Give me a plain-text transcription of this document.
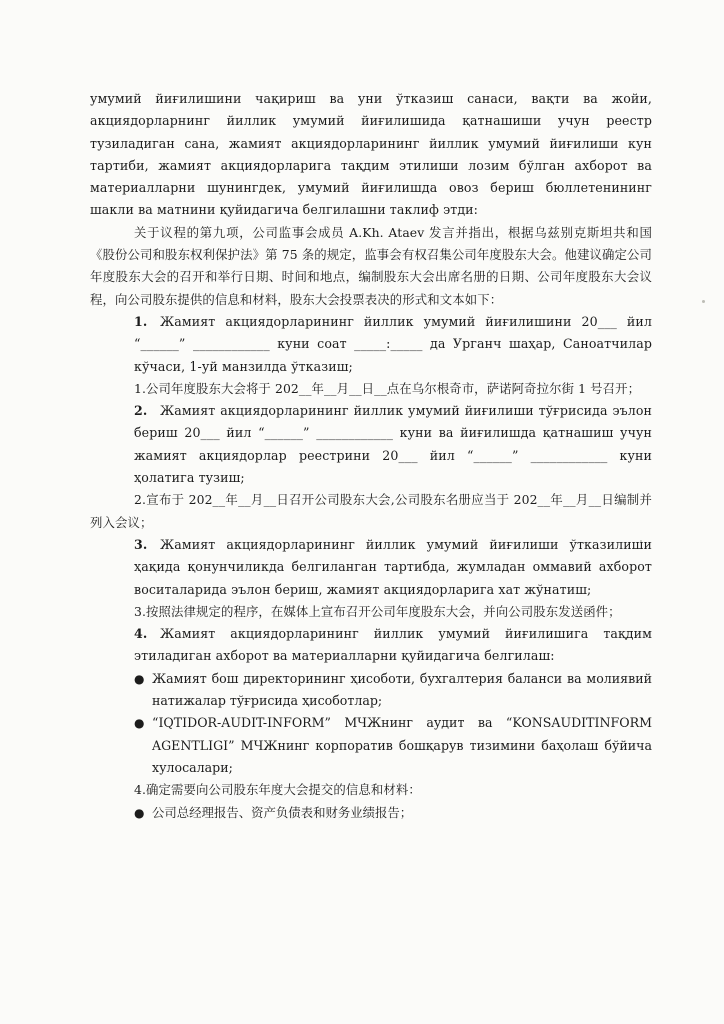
умумий йиғилишини чақириш ва уни ўтказиш санаси, вақти ва жойи, акциядорларнинг йиллик умумий йиғилишида қатнашиши учун реестр тузиладиган сана, жамият акциядорларининг йиллик умумий йиғилиши кун тартиби, жамият акциядорларига тақдим этилиши лозим бўлган ахборот ва материалларни шунингдек, умумий йиғилишда овоз бериш бюллетенининг шакли ва матнини қуйидагича белгилашни таклиф этди:

关于议程的第九项，公司监事会成员 A.Kh. Ataev 发言并指出，根据乌兹别克斯坦共和国《股份公司和股东权利保护法》第 75 条的规定，监事会有权召集公司年度股东大会。他建议确定公司年度股东大会的召开和举行日期、时间和地点，编制股东大会出席名册的日期、公司年度股东大会议程，向公司股东提供的信息和材料，股东大会投票表决的形式和文本如下：

1. Жамият акциядорларининг йиллик умумий йиғилишини 20___ йил “______” ____________ куни соат _____:_____ да Урганч шаҳар, Саноатчилар кўчаси, 1-уй манзилда ўтказиш;

1.公司年度股东大会将于 202__年__月__日__点在乌尔根奇市，萨诺阿奇拉尔街 1 号召开；

2. Жамият акциядорларининг йиллик умумий йиғилиши тўғрисида эълон бериш 20___ йил “______” ____________ куни ва йиғилишда қатнашиш учун жамият акциядорлар реестрини 20___ йил “______” ____________ куни ҳолатига тузиш;

2.宣布于 202__年__月__日召开公司股东大会,公司股东名册应当于 202__年__月__日编制并列入会议；

3. Жамият акциядорларининг йиллик умумий йиғилиши ўтказилиши ҳақида қонунчиликда белгиланган тартибда, жумладан оммавий ахборот воситаларида эълон бериш, жамият акциядорларига хат жўнатиш;

3.按照法律规定的程序，在媒体上宣布召开公司年度股东大会，并向公司股东发送函件；

4. Жамият акциядорларининг йиллик умумий йиғилишига тақдим этиладиган ахборот ва материалларни қуйидагича белгилаш:

● Жамият бош директорининг ҳисоботи, бухгалтерия баланси ва молиявий натижалар тўғрисида ҳисоботлар;
● “IQTIDOR-AUDIT-INFORM” МЧЖнинг аудит ва “KONSAUDITINFORM AGENTLIGI” МЧЖнинг корпоратив бошқарув тизимини баҳолаш бўйича хулосалари;

4.确定需要向公司股东年度大会提交的信息和材料：

● 公司总经理报告、资产负债表和财务业绩报告；
